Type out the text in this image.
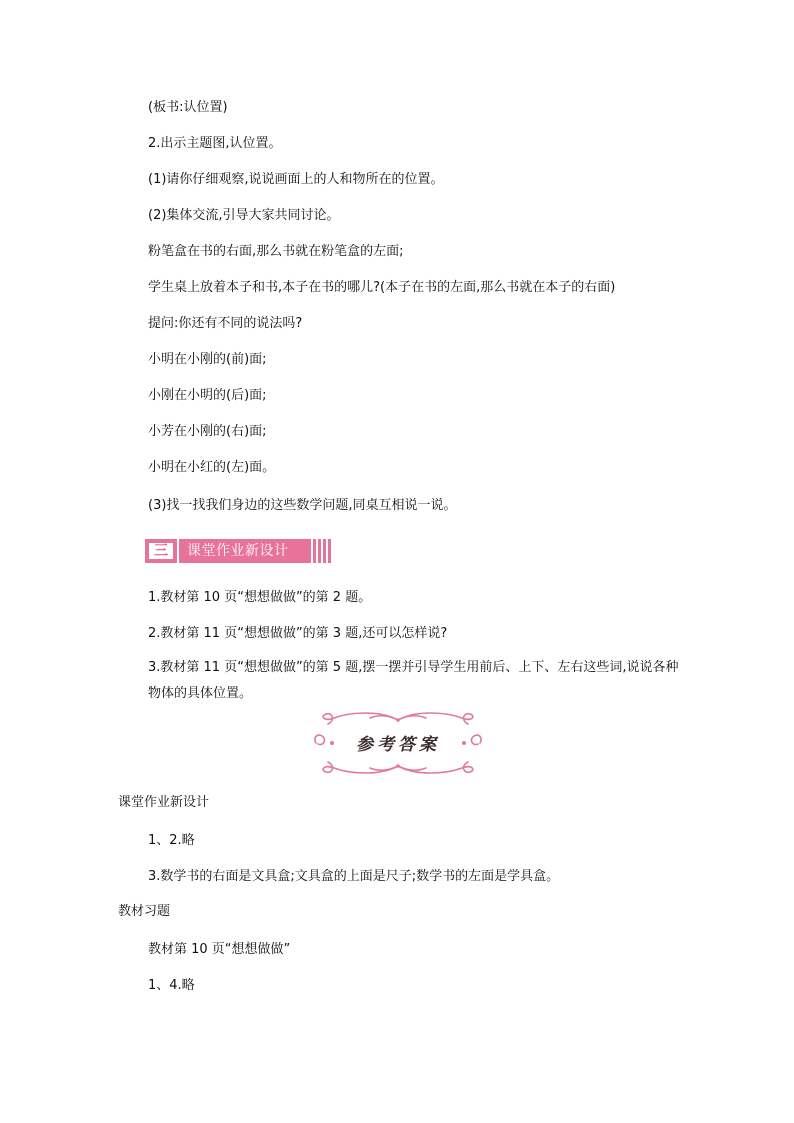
(板书:认位置)
2.出示主题图,认位置。
(1)请你仔细观察,说说画面上的人和物所在的位置。
(2)集体交流,引导大家共同讨论。
粉笔盒在书的右面,那么书就在粉笔盒的左面;
学生桌上放着本子和书,本子在书的哪儿?(本子在书的左面,那么书就在本子的右面)
提问:你还有不同的说法吗?
小明在小刚的(前)面;
小刚在小明的(后)面;
小芳在小刚的(右)面;
小明在小红的(左)面。
(3)找一找我们身边的这些数学问题,同桌互相说一说。
三	课堂作业新设计
1.教材第 10 页“想想做做”的第 2 题。
2.教材第 11 页“想想做做”的第 3 题,还可以怎样说?
3.教材第 11 页“想想做做”的第 5 题,摆一摆并引导学生用前后、上下、左右这些词,说说各种物体的具体位置。
参考答案
课堂作业新设计
1、2.略
3.数学书的右面是文具盒;文具盒的上面是尺子;数学书的左面是学具盒。
教材习题
教材第 10 页“想想做做”
1、4.略
